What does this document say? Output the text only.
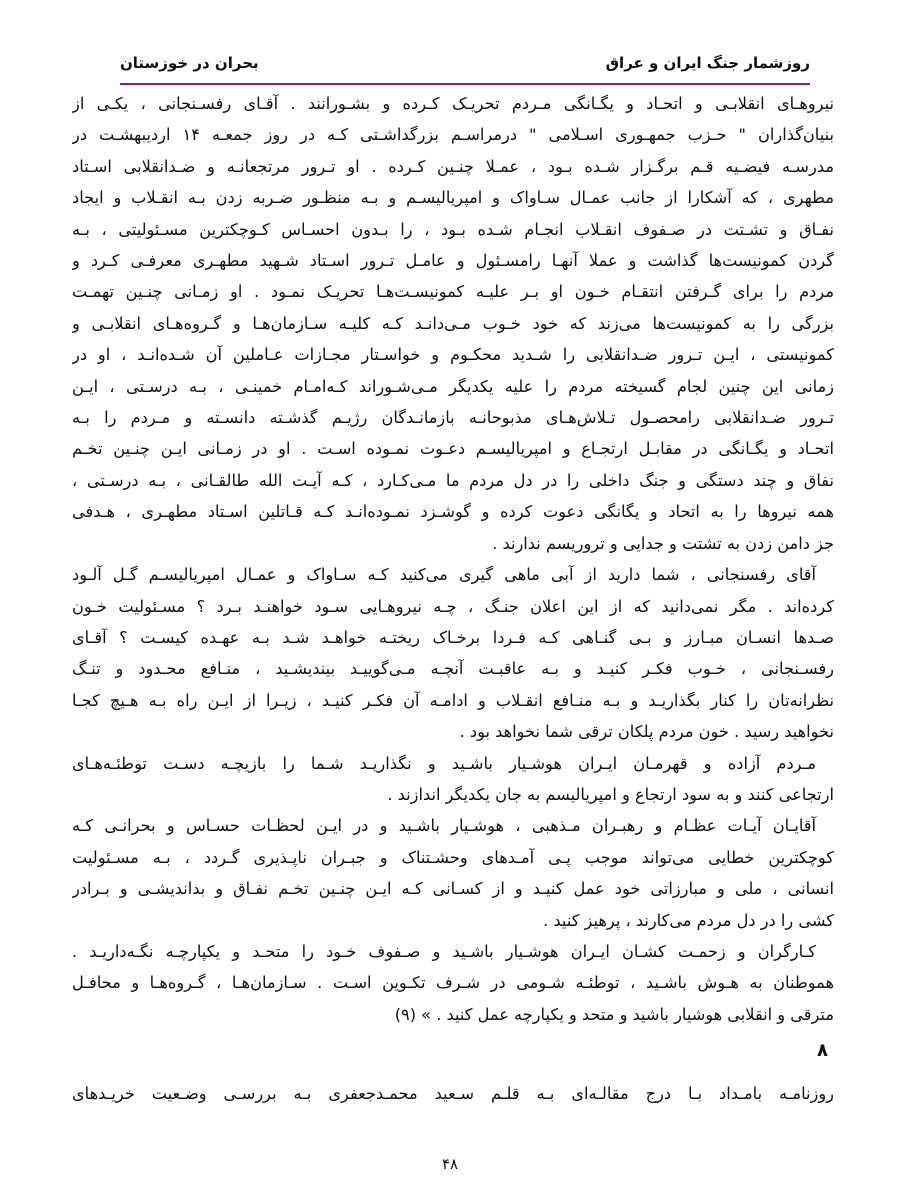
روزشمار جنگ ایران و عراق
بحران در خوزستان
نیروهـای انقلابـی و اتحـاد و یگـانگی مـردم تحریـک کـرده و بشـورانند . آقـای رفسـنجانی ، یکـی از
بنیان‌گذاران " حـزب جمهـوری اسـلامی " درمراسـم بزرگداشـتی کـه در روز جمعـه ۱۴ اردیبهشـت در
مدرسـه فیضـیه قـم برگـزار شـده بـود ، عمـلا چنـین کـرده . او تـرور مرتجعانـه و ضـدانقلابی اسـتاد
مطهری ، که آشکارا از جانب عمـال سـاواک و امپریالیسـم و بـه منظـور ضـربه زدن بـه انقـلاب و ایجاد
نفـاق و تشـتت در صـفوف انقـلاب انجـام شـده بـود ، را بـدون احسـاس کـوچکترین مسـئولیتی ، بـه
گردن کمونیست‌ها گذاشت و عملا آنهـا رامسـئول و عامـل تـرور اسـتاد شـهید مطهـری معرفـی کـرد و
مردم را برای گـرفتن انتقـام خـون او بـر علیـه کمونیسـت‌هـا تحریـک نمـود . او زمـانی چنـین تهمـت
بزرگی را به کمونیست‌ها می‌زند که خود خـوب مـی‌دانـد کـه کلیـه سـازمان‌هـا و گـروه‌هـای انقلابـی و
کمونیستی ، ایـن تـرور ضـدانقلابی را شـدید محکـوم و خواسـتار مجـازات عـاملین آن شـده‌انـد ، او در
زمانی این چنین لجام گسیخته مردم را علیه یکدیگر مـی‌شـوراند کـه‌امـام خمینـی ، بـه درسـتی ، ایـن
تـرور ضـدانقلابی رامحصـول تـلاش‌هـای مذبوحانـه بازمانـدگان رژیـم گذشـته دانسـته و مـردم را بـه
اتحـاد و یگـانگی در مقابـل ارتجـاع و امپریالیسـم دعـوت نمـوده اسـت . او در زمـانی ایـن چنـین تخـم
نفاق و چند دستگی و جنگ داخلی را در دل مردم ما مـی‌کـارد ، کـه آیـت الله طالقـانی ، بـه درسـتی ،
همه نیروها را به اتحاد و یگانگی دعوت کرده و گوشـزد نمـوده‌انـد کـه قـاتلین اسـتاد مطهـری ، هـدفی
جز دامن زدن به تشتت و جدایی و تروریسم ندارند .
آقای رفسنجانی ، شما دارید از آبی ماهی گیری می‌کنید کـه سـاواک و عمـال امپریالیسـم گـل آلـود
کرده‌اند . مگر نمی‌دانید که از این اعلان جنـگ ، چـه نیروهـایی سـود خواهنـد بـرد ؟ مسـئولیت خـون
صـدها انسـان مبـارز و بـی گنـاهی کـه فـردا برخـاک ریختـه خواهـد شـد بـه عهـده کیسـت ؟ آقـای
رفسـنجانی ، خـوب فکـر کنیـد و بـه عاقبـت آنچـه مـی‌گوییـد بیندیشـید ، منـافع محـدود و تنـگ
نظرانه‌تان را کنار بگذاریـد و بـه منـافع انقـلاب و ادامـه آن فکـر کنیـد ، زیـرا از ایـن راه بـه هـیچ کجـا
نخواهید رسید . خون مردم پلکان ترقی شما نخواهد بود .
مـردم آزاده و قهرمـان ایـران هوشـیار باشـید و نگذاریـد شـما را بازیچـه دسـت توطئـه‌هـای
ارتجاعی کنند و به سود ارتجاع و امپریالیسم به جان یکدیگر اندازند .
آقایـان آیـات عظـام و رهبـران مـذهبی ، هوشـیار باشـید و در ایـن لحظـات حسـاس و بحرانـی کـه
کوچکترین خطایی می‌تواند موجب پـی آمـدهای وحشـتناک و جبـران ناپـذیری گـردد ، بـه مسـئولیت
انسانی ، ملی و مبارزاتی خود عمل کنیـد و از کسـانی کـه ایـن چنـین تخـم نفـاق و بداندیشـی و بـرادر
کشی را در دل مردم می‌کارند ، پرهیز کنید .
کـارگران و زحمـت کشـان ایـران هوشـیار باشـید و صـفوف خـود را متحـد و یکپارچـه نگـه‌داریـد .
هموطنان به هـوش باشـید ، توطئـه شـومی در شـرف تکـوین اسـت . سـازمان‌هـا ، گـروه‌هـا و محافـل
مترقی و انقلابی هوشیار باشید و متحد و یکپارچه عمل کنید . » (۹)
۸
روزنامـه بامـداد بـا درج مقالـه‌ای بـه قلـم سـعید محمـدجعفری بـه بررسـی وضـعیت خریـدهای
۴۸
